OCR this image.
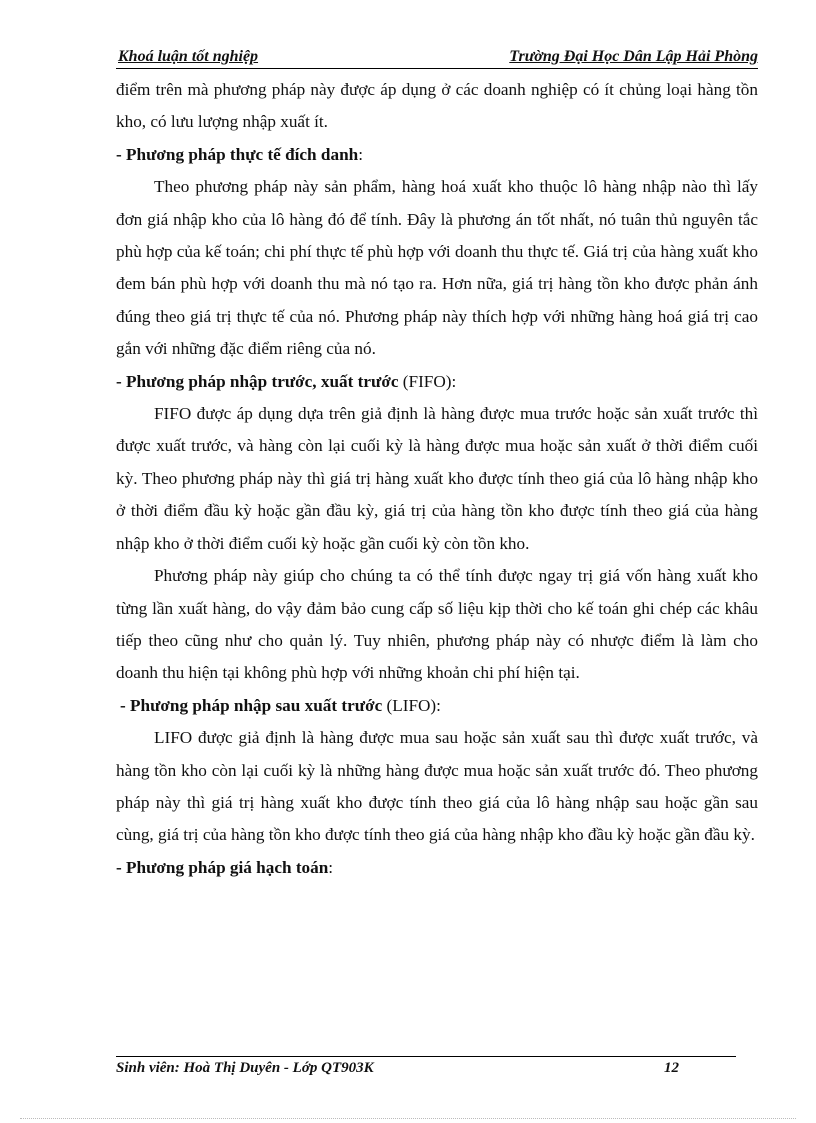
Khoá luận tốt nghiệp	Trường Đại Học Dân Lập Hải Phòng

điểm trên mà phương pháp này được áp dụng ở các doanh nghiệp có ít chủng loại hàng tồn kho, có lưu lượng nhập xuất ít.

- Phương pháp thực tế đích danh:

Theo phương pháp này sản phẩm, hàng hoá xuất kho thuộc lô hàng nhập nào thì lấy đơn giá nhập kho của lô hàng đó để tính. Đây là phương án tốt nhất, nó tuân thủ nguyên tắc phù hợp của kế toán; chi phí thực tế phù hợp với doanh thu thực tế. Giá trị của hàng xuất kho đem bán phù hợp với doanh thu mà nó tạo ra. Hơn nữa, giá trị hàng tồn kho được phản ánh đúng theo giá trị thực tế của nó. Phương pháp này thích hợp với những hàng hoá giá trị cao gắn với những đặc điểm riêng của nó.

- Phương pháp nhập trước, xuất trước (FIFO):

FIFO được áp dụng dựa trên giả định là hàng được mua trước hoặc sản xuất trước thì được xuất trước, và hàng còn lại cuối kỳ là hàng được mua hoặc sản xuất ở thời điểm cuối kỳ. Theo phương pháp này thì giá trị hàng xuất kho được tính theo giá của lô hàng nhập kho ở thời điểm đầu kỳ hoặc gần đầu kỳ, giá trị của hàng tồn kho được tính theo giá của hàng nhập kho ở thời điểm cuối kỳ hoặc gần cuối kỳ còn tồn kho.

Phương pháp này giúp cho chúng ta có thể tính được ngay trị giá vốn hàng xuất kho từng lần xuất hàng, do vậy đảm bảo cung cấp số liệu kịp thời cho kế toán ghi chép các khâu tiếp theo cũng như cho quản lý. Tuy nhiên, phương pháp này có nhược điểm là làm cho doanh thu hiện tại không phù hợp với những khoản chi phí hiện tại.

- Phương pháp nhập sau xuất trước (LIFO):

LIFO được giả định là hàng được mua sau hoặc sản xuất sau thì được xuất trước, và hàng tồn kho còn lại cuối kỳ là những hàng được mua hoặc sản xuất trước đó. Theo phương pháp này thì giá trị hàng xuất kho được tính theo giá của lô hàng nhập sau hoặc gần sau cùng, giá trị của hàng tồn kho được tính theo giá của hàng nhập kho đầu kỳ hoặc gần đầu kỳ.

- Phương pháp giá hạch toán:

Sinh viên: Hoà Thị Duyên - Lớp QT903K	12
